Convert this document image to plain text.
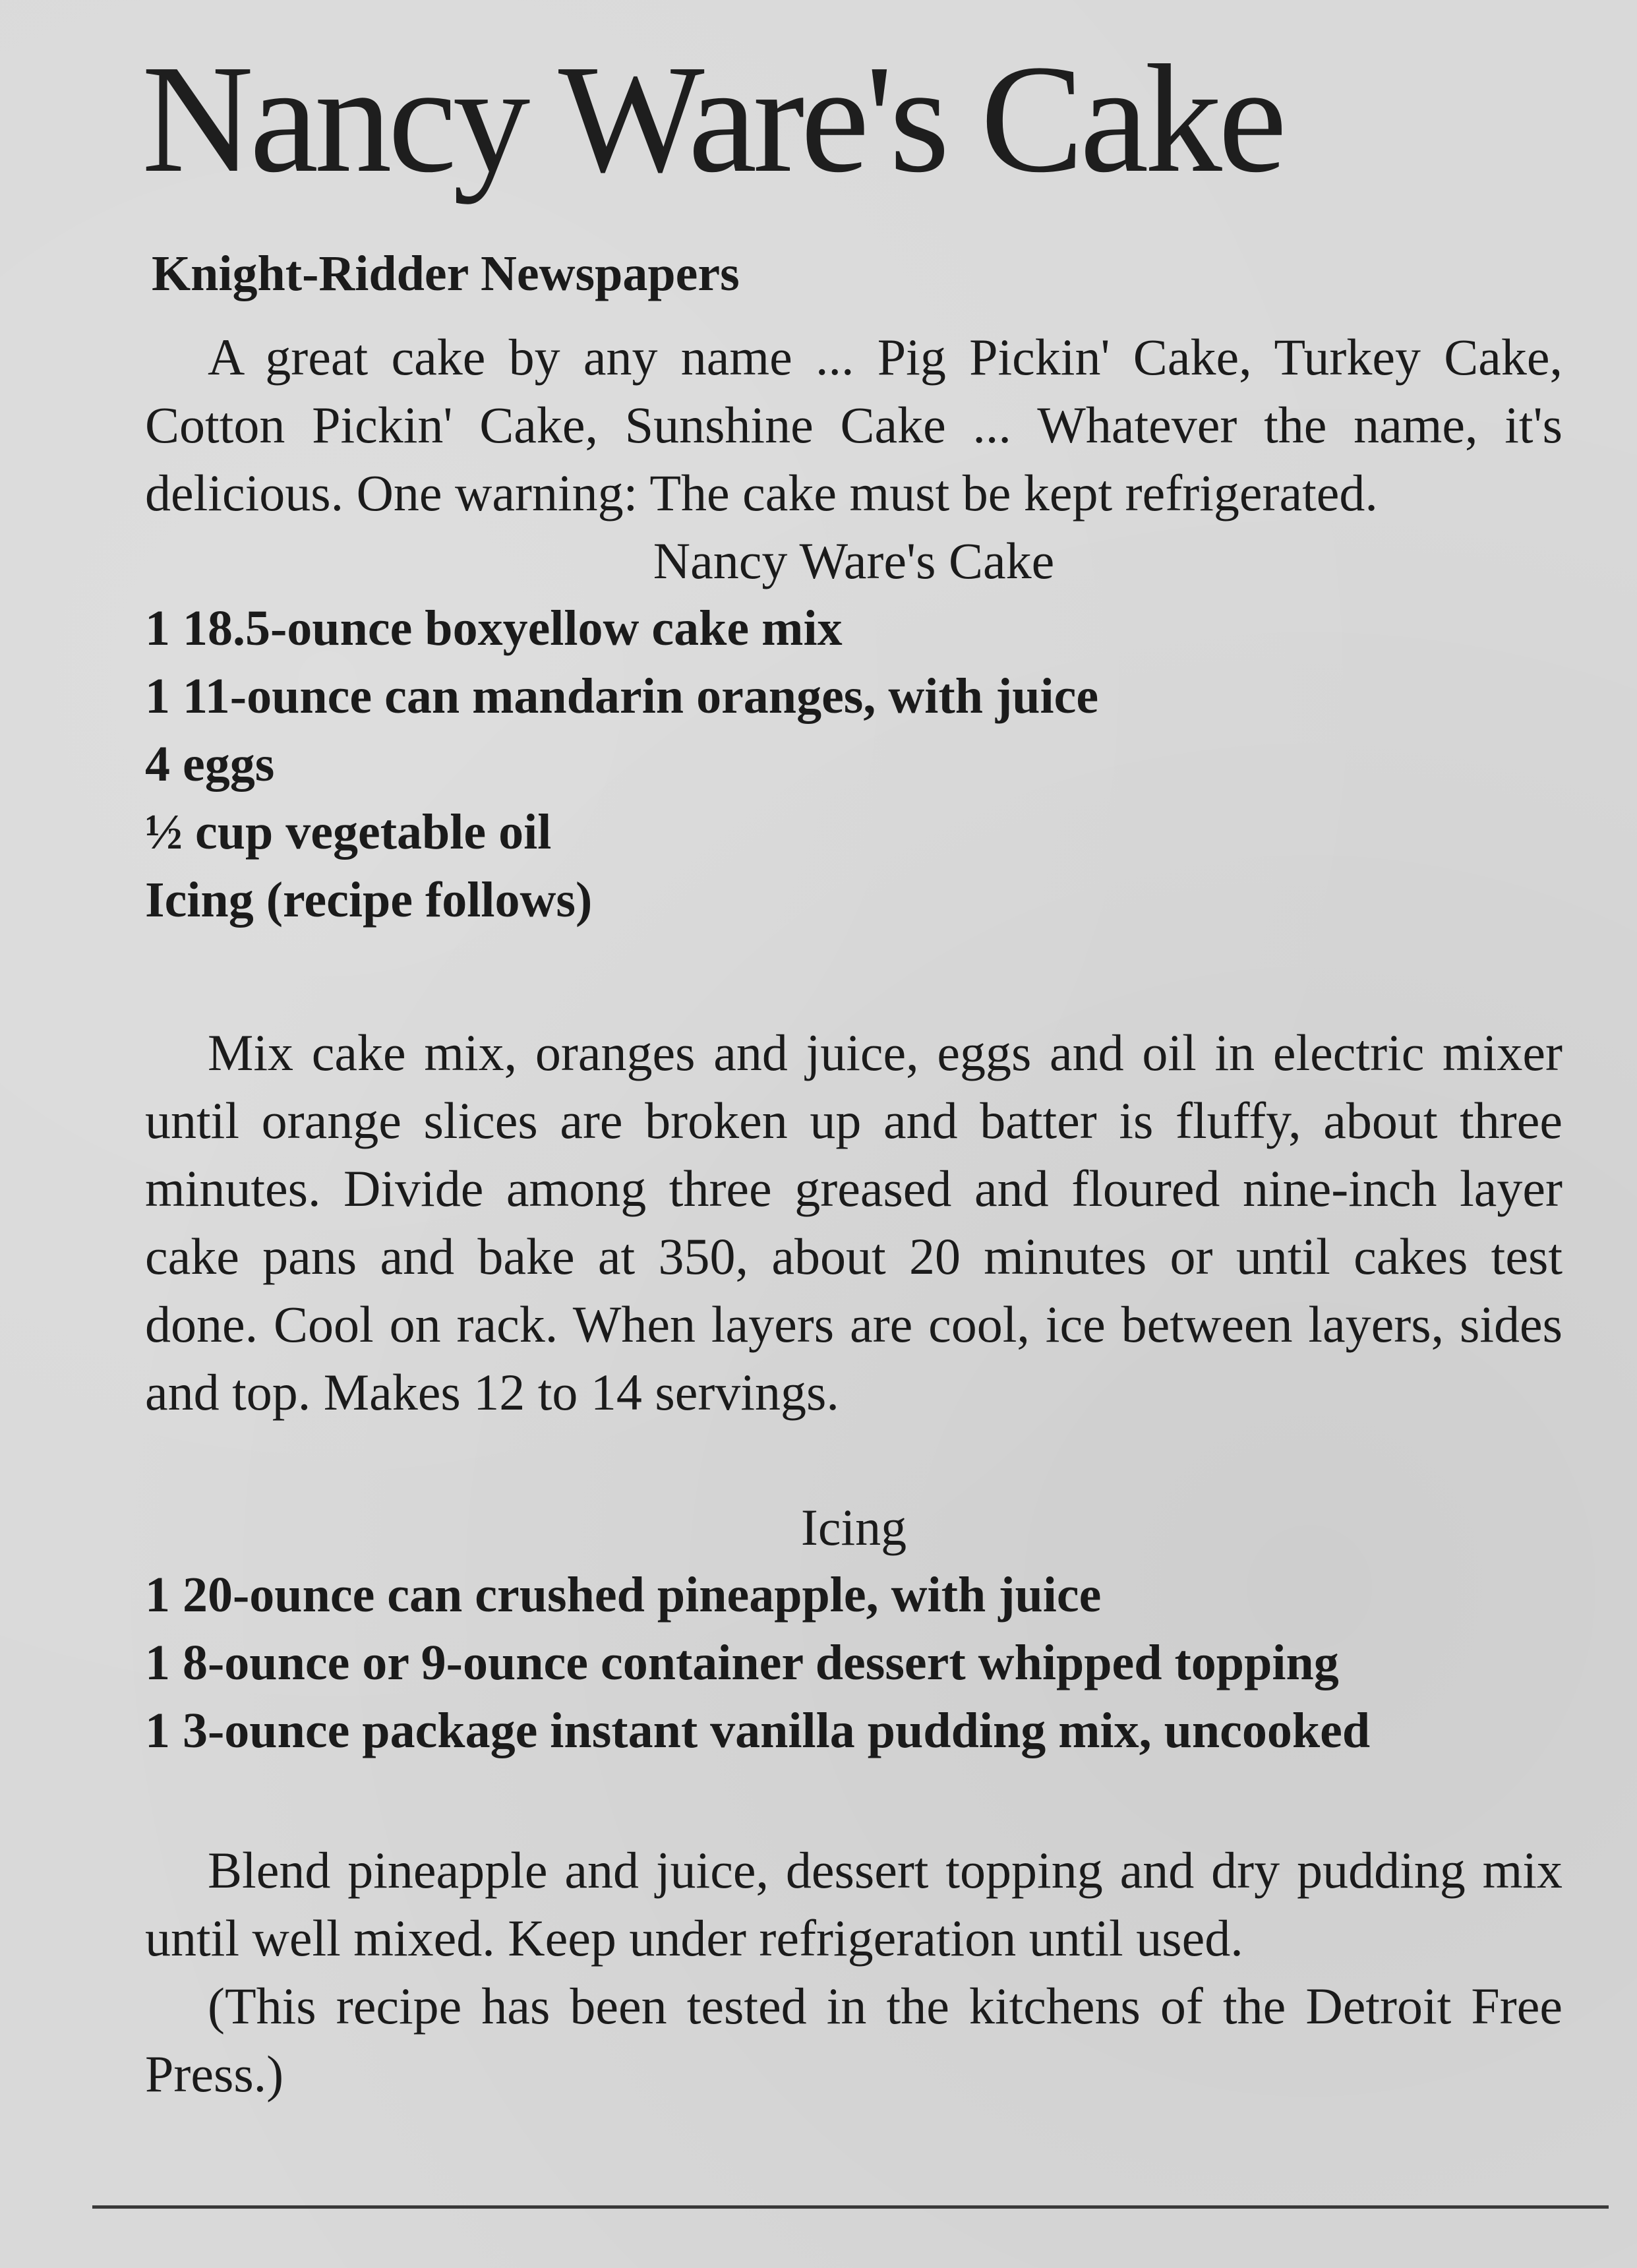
Nancy Ware's Cake
Knight-Ridder Newspapers

A great cake by any name ... Pig Pickin' Cake, Turkey Cake, Cotton Pickin' Cake, Sunshine Cake ... Whatever the name, it's delicious. One warning: The cake must be kept refrigerated.

Nancy Ware's Cake

1 18.5-ounce boxyellow cake mix
1 11-ounce can mandarin oranges, with juice
4 eggs
½ cup vegetable oil
Icing (recipe follows)

Mix cake mix, oranges and juice, eggs and oil in electric mixer until orange slices are broken up and batter is fluffy, about three minutes. Divide among three greased and floured nine-inch layer cake pans and bake at 350, about 20 minutes or until cakes test done. Cool on rack. When layers are cool, ice between layers, sides and top. Makes 12 to 14 servings.

Icing

1 20-ounce can crushed pineapple, with juice
1 8-ounce or 9-ounce container dessert whipped topping
1 3-ounce package instant vanilla pudding mix, uncooked

Blend pineapple and juice, dessert topping and dry pudding mix until well mixed. Keep under refrigeration until used.

(This recipe has been tested in the kitchens of the Detroit Free Press.)
